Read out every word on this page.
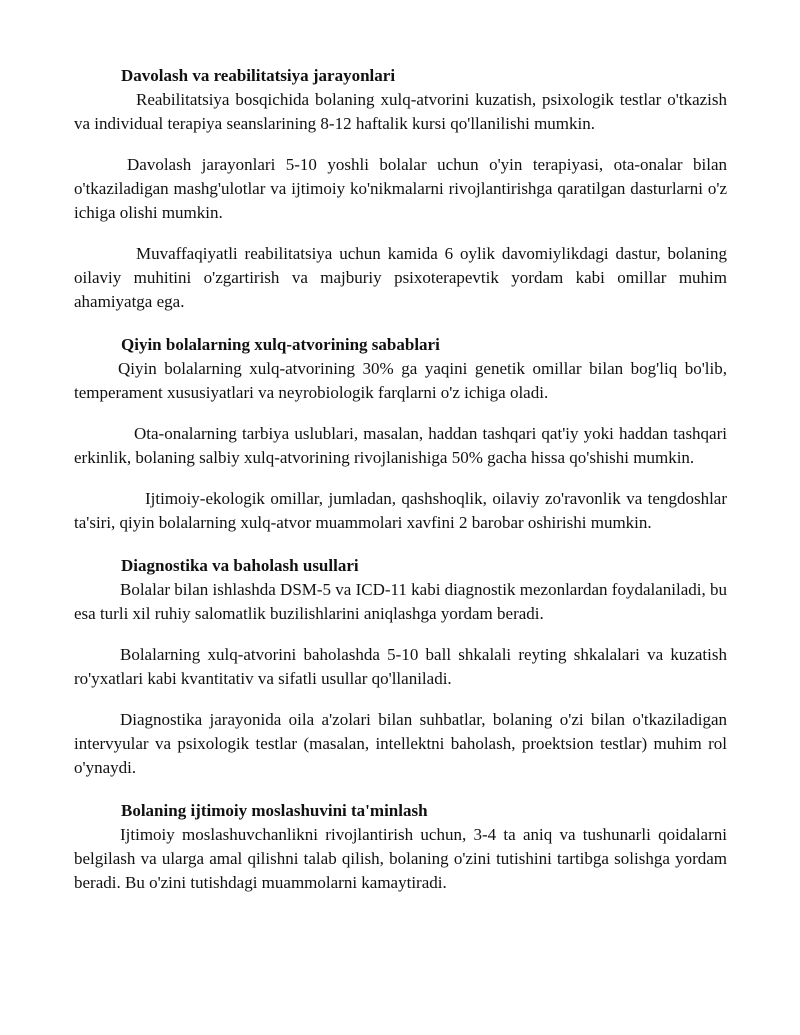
Davolash va reabilitatsiya jarayonlari

Reabilitatsiya bosqichida bolaning xulq-atvorini kuzatish, psixologik testlar o'tkazish va individual terapiya seanslarining 8-12 haftalik kursi qo'llanilishi mumkin.

Davolash jarayonlari 5-10 yoshli bolalar uchun o'yin terapiyasi, ota-onalar bilan o'tkaziladigan mashg'ulotlar va ijtimoiy ko'nikmalarni rivojlantirishga qaratilgan dasturlarni o'z ichiga olishi mumkin.

Muvaffaqiyatli reabilitatsiya uchun kamida 6 oylik davomiylikdagi dastur, bolaning oilaviy muhitini o'zgartirish va majburiy psixoterapevtik yordam kabi omillar muhim ahamiyatga ega.

Qiyin bolalarning xulq-atvorining sabablari

Qiyin bolalarning xulq-atvorining 30% ga yaqini genetik omillar bilan bog'liq bo'lib, temperament xususiyatlari va neyrobiologik farqlarni o'z ichiga oladi.

Ota-onalarning tarbiya uslublari, masalan, haddan tashqari qat'iy yoki haddan tashqari erkinlik, bolaning salbiy xulq-atvorining rivojlanishiga 50% gacha hissa qo'shishi mumkin.

Ijtimoiy-ekologik omillar, jumladan, qashshoqlik, oilaviy zo'ravonlik va tengdoshlar ta'siri, qiyin bolalarning xulq-atvor muammolari xavfini 2 barobar oshirishi mumkin.

Diagnostika va baholash usullari

Bolalar bilan ishlashda DSM-5 va ICD-11 kabi diagnostik mezonlardan foydalaniladi, bu esa turli xil ruhiy salomatlik buzilishlarini aniqlashga yordam beradi.

Bolalarning xulq-atvorini baholashda 5-10 ball shkalali reyting shkalalari va kuzatish ro'yxatlari kabi kvantitativ va sifatli usullar qo'llaniladi.

Diagnostika jarayonida oila a'zolari bilan suhbatlar, bolaning o'zi bilan o'tkaziladigan intervyular va psixologik testlar (masalan, intellektni baholash, proektsion testlar) muhim rol o'ynaydi.

Bolaning ijtimoiy moslashuvini ta'minlash

Ijtimoiy moslashuvchanlikni rivojlantirish uchun, 3-4 ta aniq va tushunarli qoidalarni belgilash va ularga amal qilishni talab qilish, bolaning o'zini tutishini tartibga solishga yordam beradi. Bu o'zini tutishdagi muammolarni kamaytiradi.
